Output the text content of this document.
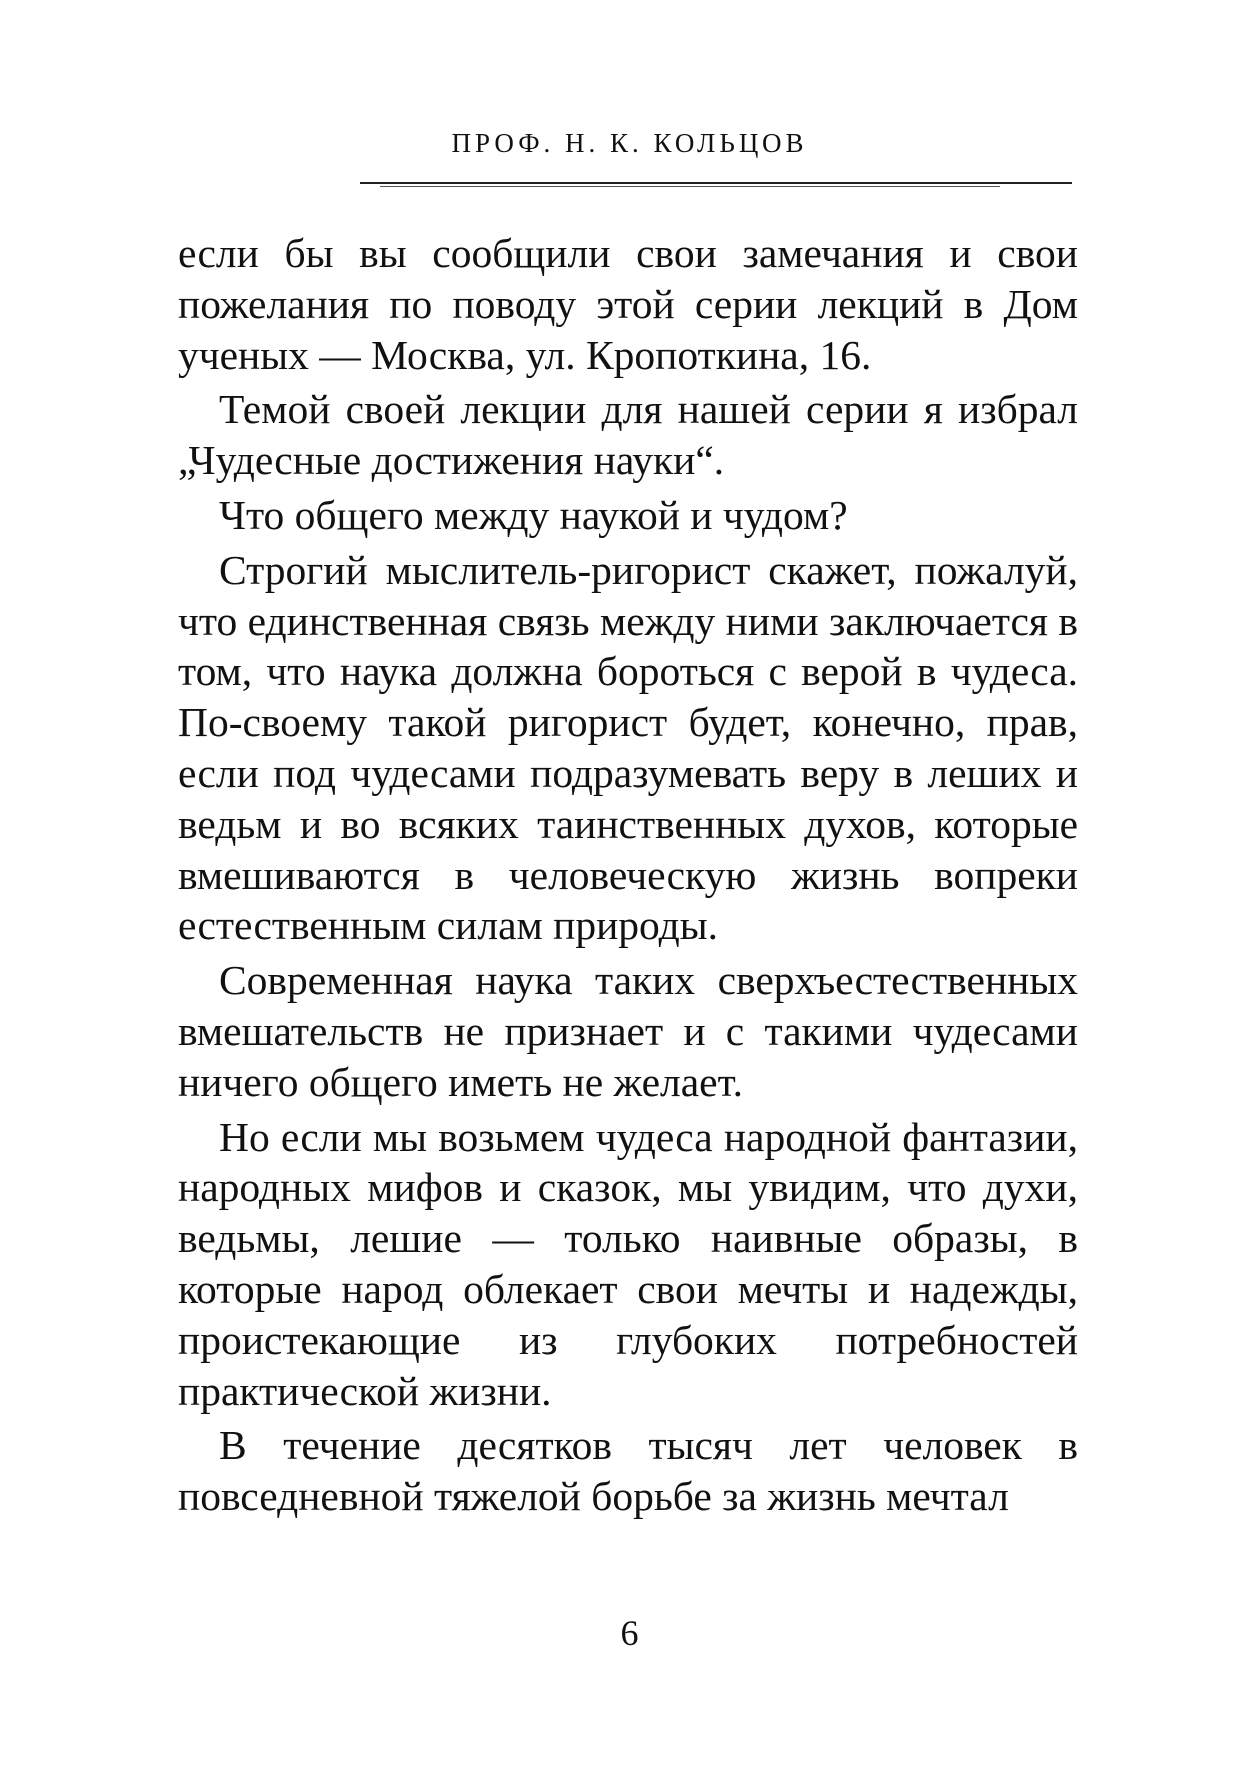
ПРОФ. Н. К. КОЛЬЦОВ

если бы вы сообщили свои замечания и свои пожелания по поводу этой серии лекций в Дом ученых — Москва, ул. Кропоткина, 16.

Темой своей лекции для нашей серии я избрал „Чудесные достижения науки“.

Что общего между наукой и чудом?

Строгий мыслитель-ригорист скажет, пожалуй, что единственная связь между ними заключается в том, что наука должна бороться с верой в чудеса. По-своему такой ригорист будет, конечно, прав, если под чудесами подразумевать веру в леших и ведьм и во всяких таинственных духов, которые вмешиваются в человеческую жизнь вопреки естественным силам природы.

Современная наука таких сверхъестественных вмешательств не признает и с такими чудесами ничего общего иметь не желает.

Но если мы возьмем чудеса народной фантазии, народных мифов и сказок, мы увидим, что духи, ведьмы, лешие — только наивные образы, в которые народ облекает свои мечты и надежды, проистекающие из глубоких потребностей практической жизни.

В течение десятков тысяч лет человек в повседневной тяжелой борьбе за жизнь мечтал

6
